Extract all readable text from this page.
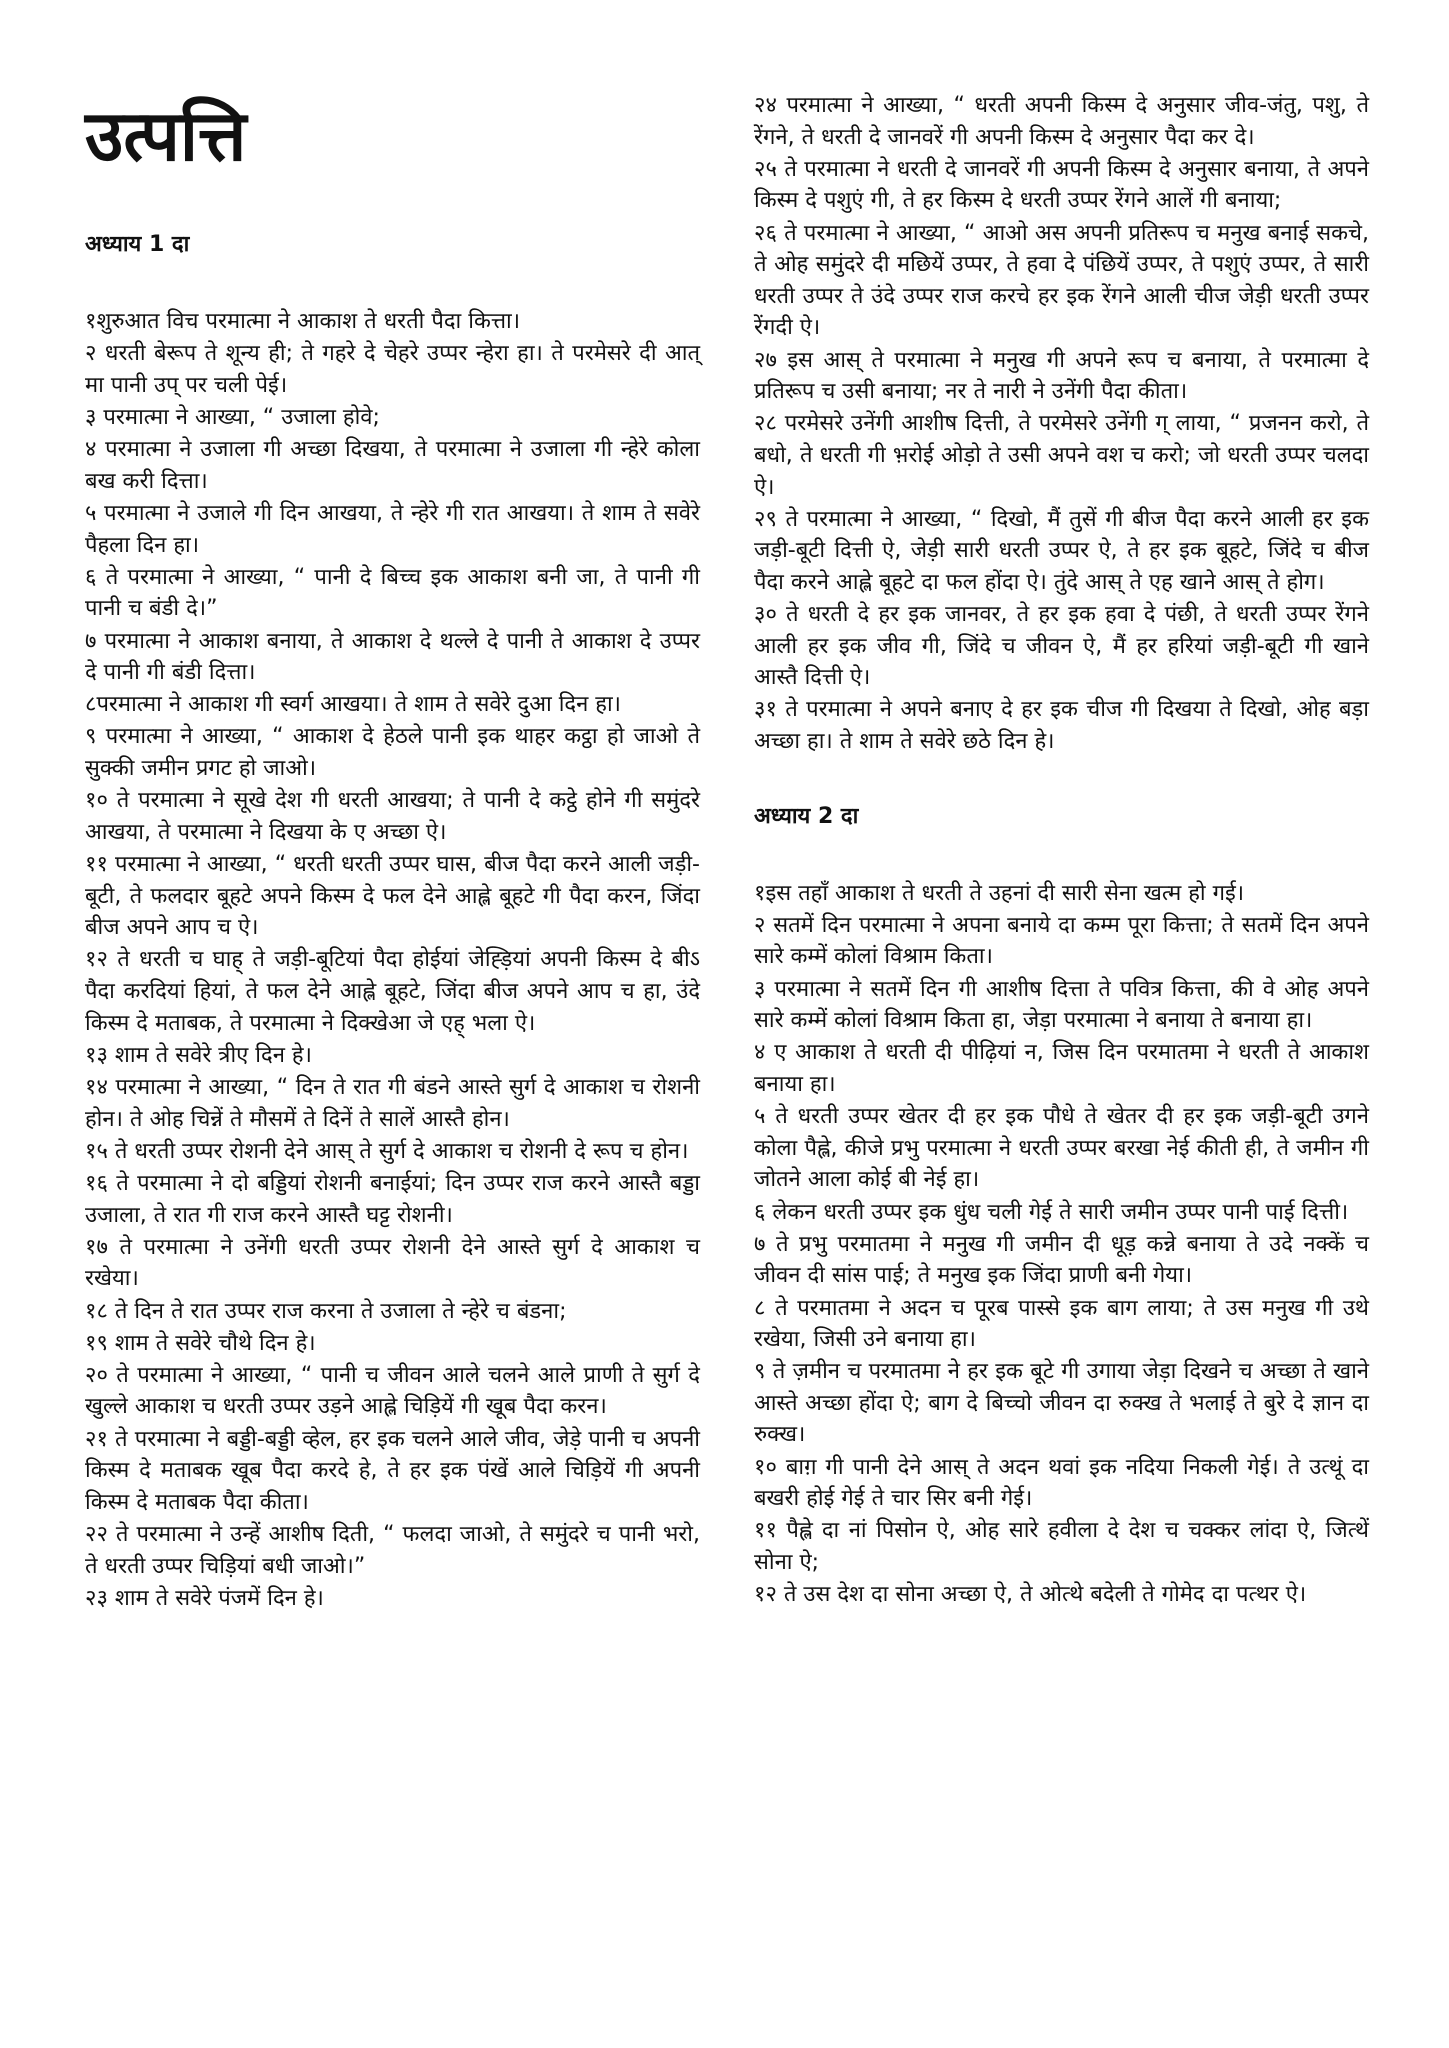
उत्पत्ति
अध्याय 1 दा

१शुरुआत विच परमात्मा ने आकाश ते धरती पैदा कित्ता।

२ धरती बेरूप ते शून्य ही; ते गहरे दे चेहरे उप्पर न्हेरा हा। ते परमेसरे दी आत् मा पानी उप् पर चली पेई।

३ परमात्मा ने आख्या, “ उजाला होवे;

४ परमात्मा ने उजाला गी अच्छा दिखया, ते परमात्मा ने उजाला गी न्हेरे कोला बख करी दित्ता।

५ परमात्मा ने उजाले गी दिन आखया, ते न्हेरे गी रात आखया। ते शाम ते सवेरे पैहला दिन हा।

६ ते परमात्मा ने आख्या, “ पानी दे बिच्च इक आकाश बनी जा, ते पानी गी पानी च बंडी दे।”

७ परमात्मा ने आकाश बनाया, ते आकाश दे थल्ले दे पानी ते आकाश दे उप्पर दे पानी गी बंडी दित्ता।

८परमात्मा ने आकाश गी स्वर्ग आखया। ते शाम ते सवेरे दुआ दिन हा।

९ परमात्मा ने आख्या, “ आकाश दे हेठले पानी इक थाहर कट्ठा हो जाओ ते सुक्की जमीन प्रगट हो जाओ।

१० ते परमात्मा ने सूखे देश गी धरती आखया; ते पानी दे कट्ठे होने गी समुंदरे आखया, ते परमात्मा ने दिखया के ए अच्छा ऐ।

११ परमात्मा ने आख्या, “ धरती धरती उप्पर घास, बीज पैदा करने आली जड़ी-बूटी, ते फलदार बूहटे अपने किस्म दे फल देने आह्ले बूहटे गी पैदा करन, जिंदा बीज अपने आप च ऐ।

१२ ते धरती च घाह् ते जड़ी-बूटियां पैदा होईयां जेह्ड़ियां अपनी किस्म दे बीऽ पैदा करदियां हियां, ते फल देने आह्ले बूहटे, जिंदा बीज अपने आप च हा, उंदे किस्म दे मताबक, ते परमात्मा ने दिक्खेआ जे एह् भला ऐ।

१३ शाम ते सवेरे त्रीए दिन हे।

१४ परमात्मा ने आख्या, “ दिन ते रात गी बंडने आस्ते सुर्ग दे आकाश च रोशनी होन। ते ओह चिन्नें ते मौसमें ते दिनें ते सालें आस्तै होन।

१५ ते धरती उप्पर रोशनी देने आस् ते सुर्ग दे आकाश च रोशनी दे रूप च होन।

१६ ते परमात्मा ने दो बड्डियां रोशनी बनाईयां; दिन उप्पर राज करने आस्तै बड्डा उजाला, ते रात गी राज करने आस्तै घट्ट रोशनी।

१७ ते परमात्मा ने उनेंगी धरती उप्पर रोशनी देने आस्ते सुर्ग दे आकाश च रखेया।

१८ ते दिन ते रात उप्पर राज करना ते उजाला ते न्हेरे च बंडना;

१९ शाम ते सवेरे चौथे दिन हे।

२० ते परमात्मा ने आख्या, “ पानी च जीवन आले चलने आले प्राणी ते सुर्ग दे खुल्ले आकाश च धरती उप्पर उड़ने आह्ले चिड़ियें गी खूब पैदा करन।

२१ ते परमात्मा ने बड्डी-बड्डी व्हेल, हर इक चलने आले जीव, जेड़े पानी च अपनी किस्म दे मताबक खूब पैदा करदे हे, ते हर इक पंखें आले चिड़ियें गी अपनी किस्म दे मताबक पैदा कीता।

२२ ते परमात्मा ने उन्हें आशीष दिती, “ फलदा जाओ, ते समुंदरे च पानी भरो, ते धरती उप्पर चिड़ियां बधी जाओ।”

२३ शाम ते सवेरे पंजमें दिन हे।

२४ परमात्मा ने आख्या, “ धरती अपनी किस्म दे अनुसार जीव-जंतु, पशु, ते रेंगने, ते धरती दे जानवरें गी अपनी किस्म दे अनुसार पैदा कर दे।

२५ ते परमात्मा ने धरती दे जानवरें गी अपनी किस्म दे अनुसार बनाया, ते अपने किस्म दे पशुएं गी, ते हर किस्म दे धरती उप्पर रेंगने आलें गी बनाया;

२६ ते परमात्मा ने आख्या, “ आओ अस अपनी प्रतिरूप च मनुख बनाई सकचे, ते ओह समुंदरे दी मछियें उप्पर, ते हवा दे पंछियें उप्पर, ते पशुएं उप्पर, ते सारी धरती उप्पर ते उंदे उप्पर राज करचे हर इक रेंगने आली चीज जेड़ी धरती उप्पर रेंगदी ऐ।

२७ इस आस् ते परमात्मा ने मनुख गी अपने रूप च बनाया, ते परमात्मा दे प्रतिरूप च उसी बनाया; नर ते नारी ने उनेंगी पैदा कीता।

२८ परमेसरे उनेंगी आशीष दित्ती, ते परमेसरे उनेंगी ग् लाया, “ प्रजनन करो, ते बधो, ते धरती गी भ़रोई ओड़ो ते उसी अपने वश च करो; जो धरती उप्पर चलदा ऐ।

२९ ते परमात्मा ने आख्या, “ दिखो, मैं तुसें गी बीज पैदा करने आली हर इक जड़ी-बूटी दित्ती ऐ, जेड़ी सारी धरती उप्पर ऐ, ते हर इक बूहटे, जिंदे च बीज पैदा करने आह्ले बूहटे दा फल होंदा ऐ। तुंदे आस् ते एह खाने आस् ते होग।

३० ते धरती दे हर इक जानवर, ते हर इक हवा दे पंछी, ते धरती उप्पर रेंगने आली हर इक जीव गी, जिंदे च जीवन ऐ, मैं हर हरियां जड़ी-बूटी गी खाने आस्तै दित्ती ऐ।

३१ ते परमात्मा ने अपने बनाए दे हर इक चीज गी दिखया ते दिखो, ओह बड़ा अच्छा हा। ते शाम ते सवेरे छठे दिन हे।

अध्याय 2 दा

१इस तहाँ आकाश ते धरती ते उहनां दी सारी सेना खत्म हो गई।

२ सतमें दिन परमात्मा ने अपना बनाये दा कम्म पूरा कित्ता; ते सतमें दिन अपने सारे कम्में कोलां विश्राम किता।

३ परमात्मा ने सतमें दिन गी आशीष दित्ता ते पवित्र कित्ता, की वे ओह अपने सारे कम्में कोलां विश्राम किता हा, जेड़ा परमात्मा ने बनाया ते बनाया हा।

४ ए आकाश ते धरती दी पीढ़ियां न, जिस दिन परमातमा ने धरती ते आकाश बनाया हा।

५ ते धरती उप्पर खेतर दी हर इक पौधे ते खेतर दी हर इक जड़ी-बूटी उगने कोला पैह्ले, कीजे प्रभु परमात्मा ने धरती उप्पर बरखा नेई कीती ही, ते जमीन गी जोतने आला कोई बी नेई हा।

६ लेकन धरती उप्पर इक धुंध चली गेई ते सारी जमीन उप्पर पानी पाई दित्ती।

७ ते प्रभु परमातमा ने मनुख गी जमीन दी धूड़ कन्ने बनाया ते उदे नक्कें च जीवन दी सांस पाई; ते मनुख इक जिंदा प्राणी बनी गेया।

८ ते परमातमा ने अदन च पूरब पास्से इक बाग लाया; ते उस मनुख गी उथे रखेया, जिसी उने बनाया हा।

९ ते ज़मीन च परमातमा ने हर इक बूटे गी उगाया जेड़ा दिखने च अच्छा ते खाने आस्ते अच्छा होंदा ऐ; बाग दे बिच्चो जीवन दा रुक्ख ते भलाई ते बुरे दे ज्ञान दा रुक्ख।

१० बाग़ गी पानी देने आस् ते अदन थवां इक नदिया निकली गेई। ते उत्थूं दा बखरी होई गेई ते चार सिर बनी गेई।

११ पैह्ले दा नां पिसोन ऐ, ओह सारे हवीला दे देश च चक्कर लांदा ऐ, जित्थें सोना ऐ;

१२ ते उस देश दा सोना अच्छा ऐ, ते ओत्थे बदेली ते गोमेद दा पत्थर ऐ।
